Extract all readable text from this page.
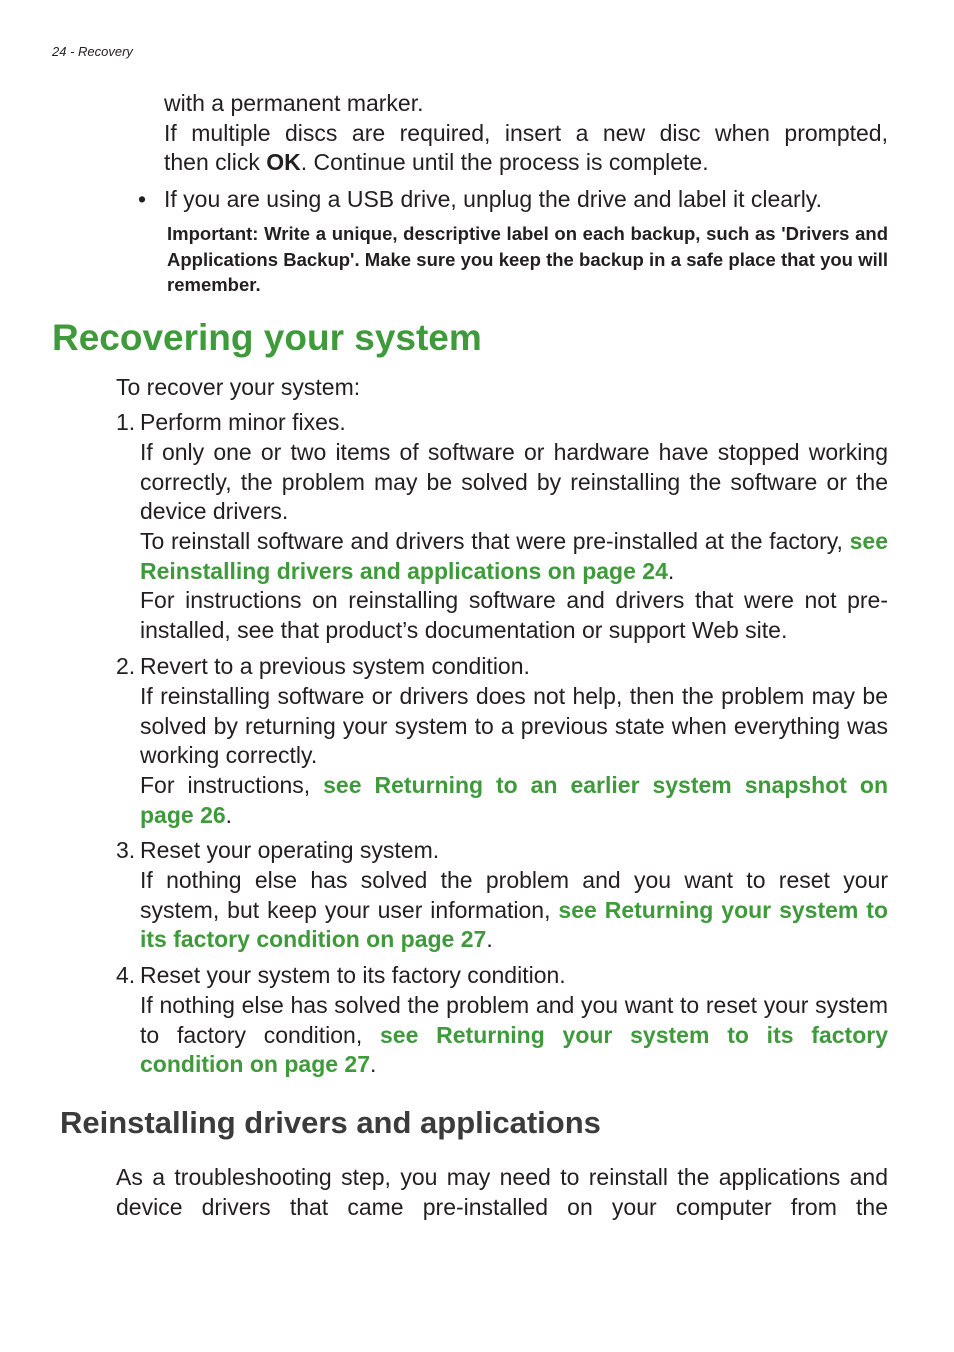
24 - Recovery

with a permanent marker.

If multiple discs are required, insert a new disc when prompted,

then click OK. Continue until the process is complete.

• If you are using a USB drive, unplug the drive and label it clearly.

Important: Write a unique, descriptive label on each backup, such as 'Drivers and Applications Backup'. Make sure you keep the backup in a safe place that you will remember.
Recovering your system

To recover your system:

1. Perform minor fixes.

If only one or two items of software or hardware have stopped working correctly, the problem may be solved by reinstalling the software or the device drivers.

To reinstall software and drivers that were pre-installed at the factory, see Reinstalling drivers and applications on page 24.

For instructions on reinstalling software and drivers that were not pre-installed, see that product’s documentation or support Web site.

2. Revert to a previous system condition.

If reinstalling software or drivers does not help, then the problem may be solved by returning your system to a previous state when everything was working correctly.

For instructions, see Returning to an earlier system snapshot on page 26.

3. Reset your operating system.

If nothing else has solved the problem and you want to reset your system, but keep your user information, see Returning your system to its factory condition on page 27.

4. Reset your system to its factory condition.

If nothing else has solved the problem and you want to reset your system to factory condition, see Returning your system to its factory condition on page 27.

Reinstalling drivers and applications

As a troubleshooting step, you may need to reinstall the applications and device drivers that came pre-installed on your computer from the
